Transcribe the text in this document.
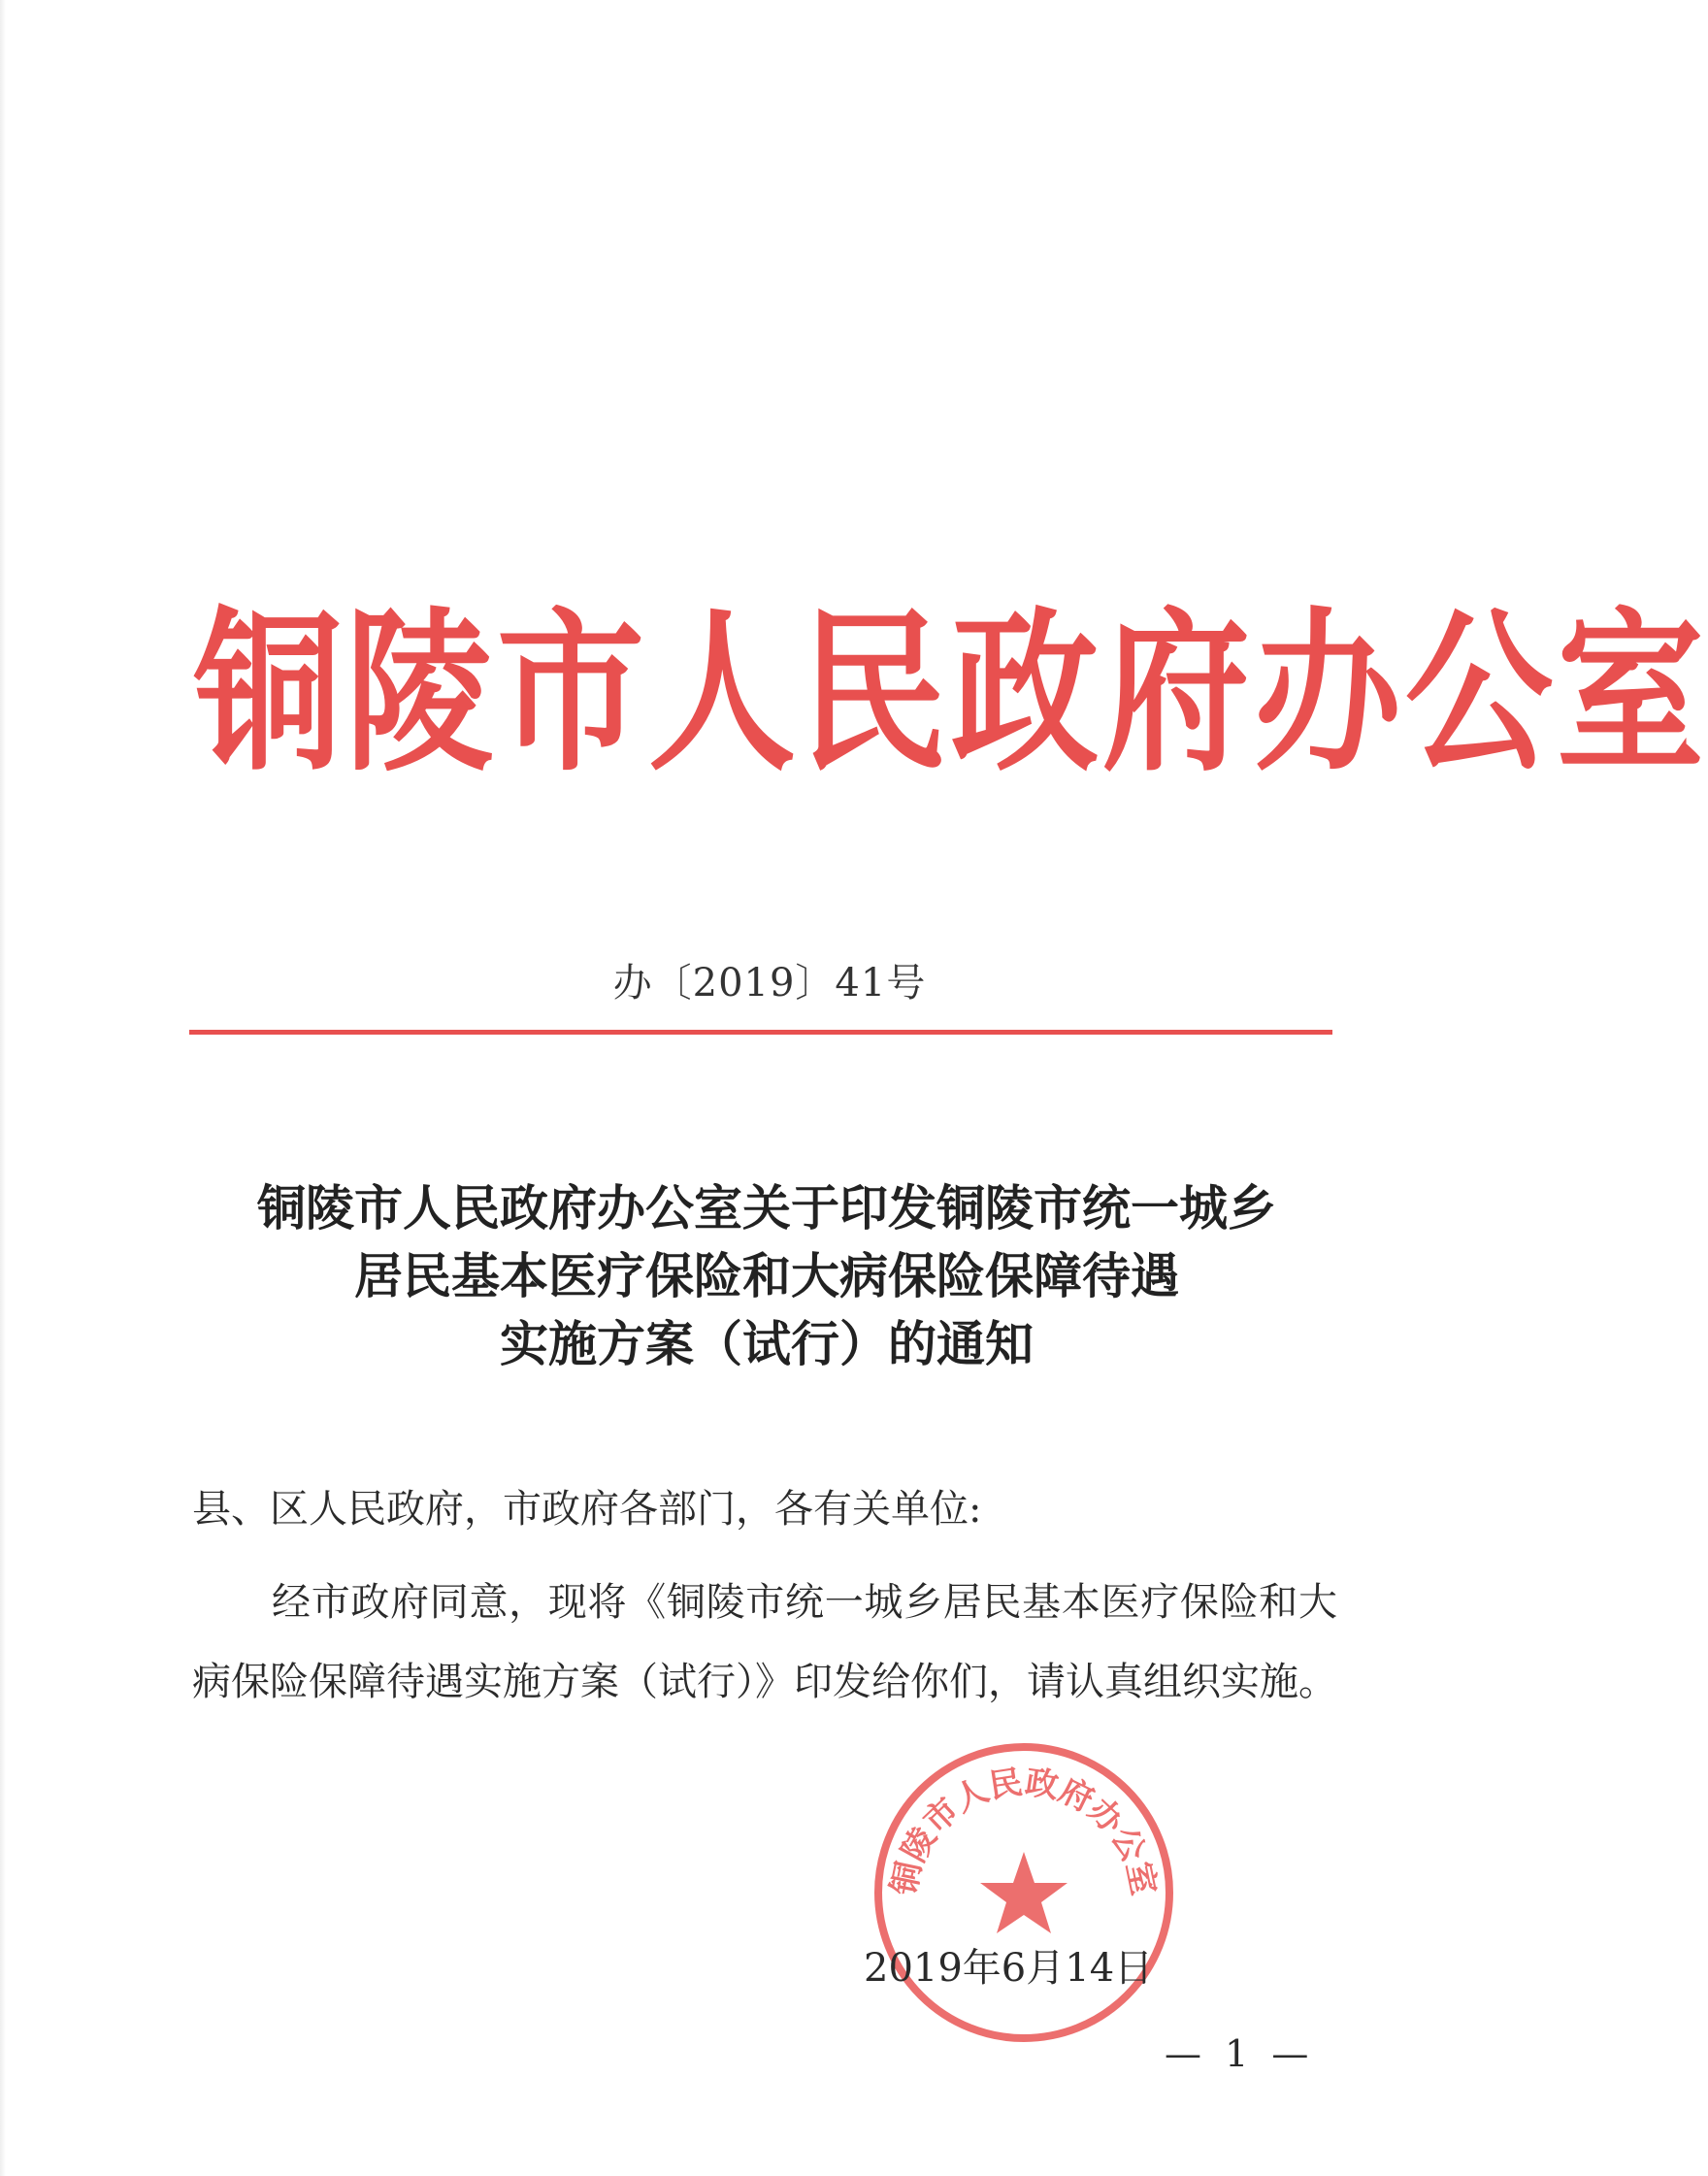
铜陵市人民政府办公室
办〔2019〕41号
铜陵市人民政府办公室关于印发铜陵市统一城乡
居民基本医疗保险和大病保险保障待遇
实施方案（试行）的通知
县、区人民政府，市政府各部门，各有关单位:

经市政府同意，现将《铜陵市统一城乡居民基本医疗保险和大病保险保障待遇实施方案（试行）》印发给你们，请认真组织实施。

铜陵市人民政府办公室
2019年6月14日
— 1 —
